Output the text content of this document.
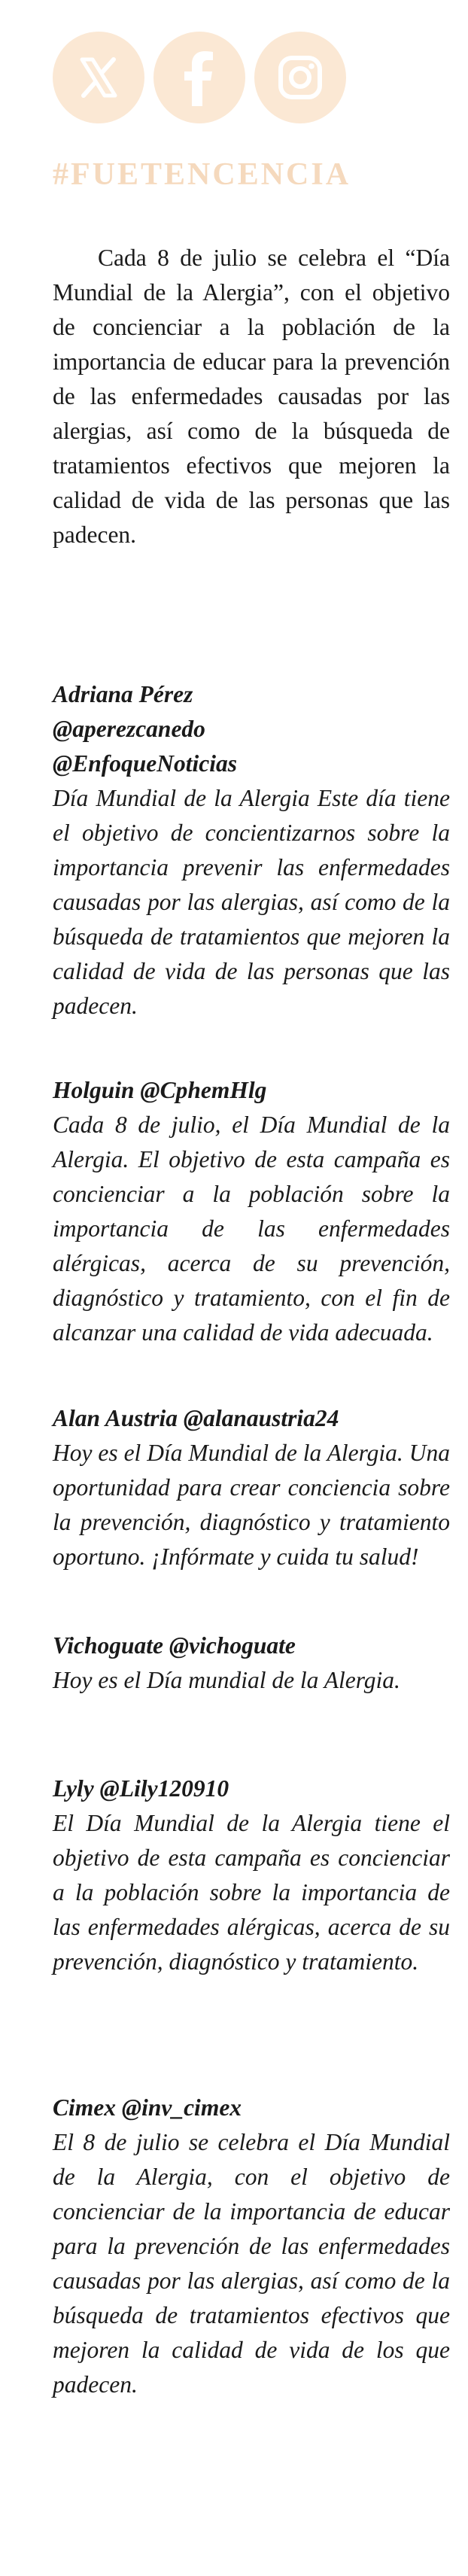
#FUETENCENCIA

Cada 8 de julio se celebra el “Día Mundial de la Alergia”, con el objetivo de concienciar a la población de la importancia de educar para la prevención de las enfermedades causadas por las alergias, así como de la búsqueda de tratamientos efectivos que mejoren la calidad de vida de las personas que las padecen.

Adriana Pérez
@aperezcanedo
@EnfoqueNoticias

Día Mundial de la Alergia Este día tiene el objetivo de concientizarnos sobre la importancia prevenir las enfermedades causadas por las alergias, así como de la búsqueda de tratamientos que mejoren la calidad de vida de las personas que las padecen.

Holguin @CphemHlg

Cada 8 de julio, el Día Mundial de la Alergia. El objetivo de esta campaña es concienciar a la población sobre la importancia de las enfermedades alérgicas, acerca de su prevención, diagnóstico y tratamiento, con el fin de alcanzar una calidad de vida adecuada.

Alan Austria @alanaustria24

Hoy es el Día Mundial de la Alergia. Una oportunidad para crear conciencia sobre la prevención, diagnóstico y tratamiento oportuno. ¡Infórmate y cuida tu salud!

Vichoguate @vichoguate

Hoy es el Día mundial de la Alergia.

Lyly @Lily120910

El Día Mundial de la Alergia tiene el objetivo de esta campaña es concienciar a la población sobre la importancia de las enfermedades alérgicas, acerca de su prevención, diagnóstico y tratamiento.

Cimex @inv_cimex

El 8 de julio se celebra el Día Mundial de la Alergia, con el objetivo de concienciar de la importancia de educar para la prevención de las enfermedades causadas por las alergias, así como de la búsqueda de tratamientos efectivos que mejoren la calidad de vida de los que padecen.
